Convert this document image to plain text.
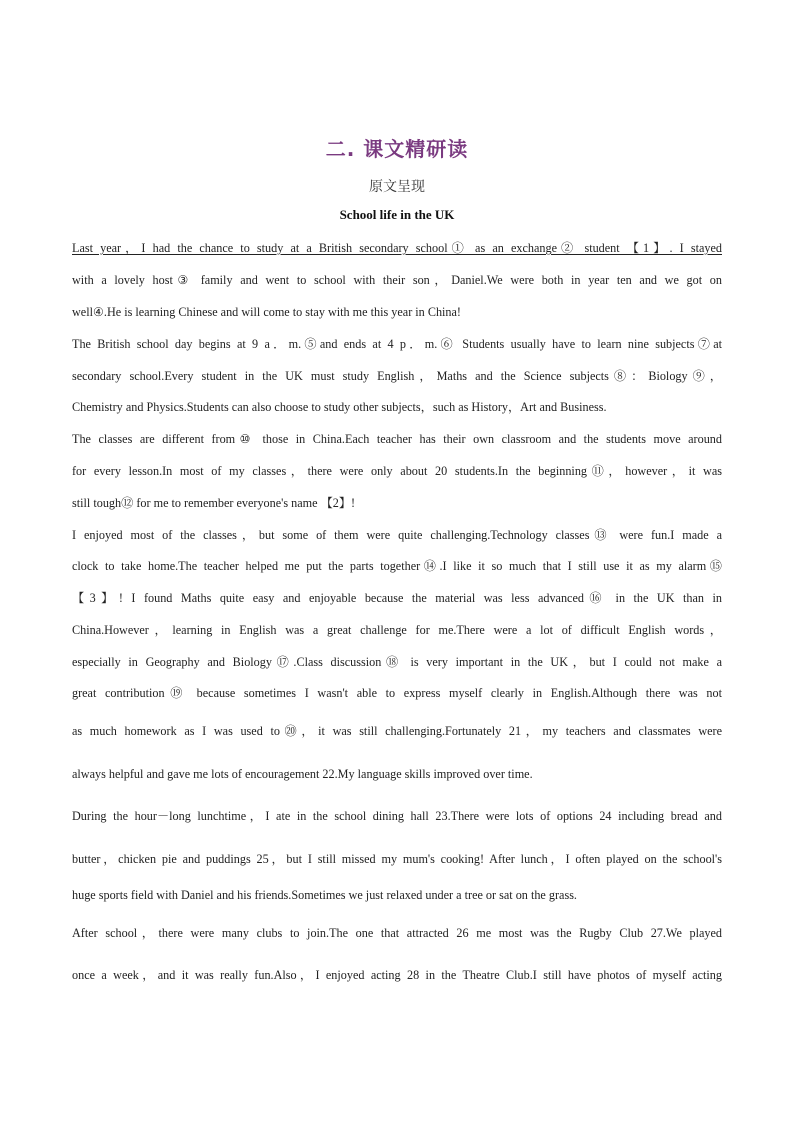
二. 课文精研读
原文呈现
School life in the UK
Last year，I had the chance to study at a British secondary school① as an exchange② student 【1】. I stayed
with a lovely host③ family and went to school with their son，Daniel.We were both in year ten and we got on
well④.He is learning Chinese and will come to stay with me this year in China!
The British school day begins at 9 a．m.⑤and ends at 4 p．m.⑥ Students usually have to learn nine subjects⑦at
secondary school.Every student in the UK must study English，Maths and the Science subjects⑧：Biology⑨，
Chemistry and Physics.Students can also choose to study other subjects，such as History，Art and Business.
The classes are different from⑩ those in China.Each teacher has their own classroom and the students move around
for every lesson.In most of my classes，there were only about 20 students.In the beginning⑪，however，it was
still tough⑫ for me to remember everyone's name 【2】!
I enjoyed most of the classes，but some of them were quite challenging.Technology classes⑬ were fun.I made a
clock to take home.The teacher helped me put the parts together⑭.I like it so much that I still use it as my alarm⑮
【3】! I found Maths quite easy and enjoyable because the material was less advanced⑯ in the UK than in
China.However，learning in English was a great challenge for me.There were a lot of difficult English words，
especially in Geography and Biology⑰.Class discussion⑱ is very important in the UK，but I could not make a
great contribution⑲ because sometimes I wasn't able to express myself clearly in English.Although there was not
as much homework as I was used to⑳，it was still challenging.Fortunately 21，my teachers and classmates were
always helpful and gave me lots of encouragement 22.My language skills improved over time.
During the hour－long lunchtime，I ate in the school dining hall 23.There were lots of options 24 including bread and
butter，chicken pie and puddings 25，but I still missed my mum's cooking! After lunch，I often played on the school's
huge sports field with Daniel and his friends.Sometimes we just relaxed under a tree or sat on the grass.
After school，there were many clubs to join.The one that attracted 26 me most was the Rugby Club 27.We played
once a week，and it was really fun.Also，I enjoyed acting 28 in the Theatre Club.I still have photos of myself acting
